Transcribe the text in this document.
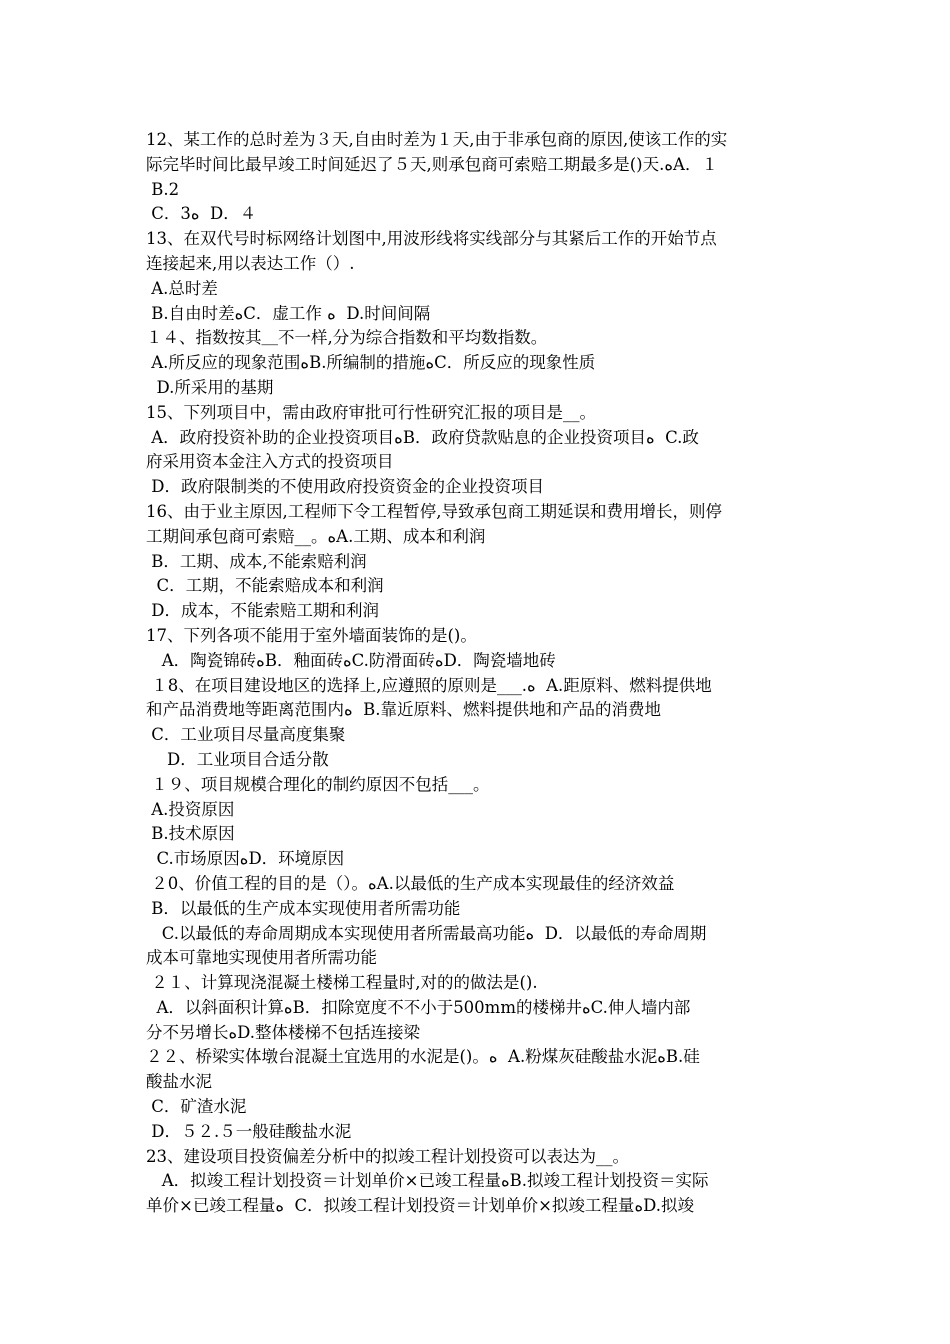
12、某工作的总时差为３天,自由时差为１天,由于非承包商的原因,使该工作的实
际完毕时间比最早竣工时间延迟了５天,则承包商可索赔工期最多是()天.ﻩA．１
B.2
C．3ﻩ D．４
13、在双代号时标网络计划图中,用波形线将实线部分与其紧后工作的开始节点
连接起来,用以表达工作（）.
A.总时差
B.自由时差ﻩC．虚工作 ﻩ D.时间间隔
１４、指数按其＿不一样,分为综合指数和平均数指数。
A.所反应的现象范围ﻩB.所编制的措施ﻩC．所反应的现象性质
D.所采用的基期
15、下列项目中，需由政府审批可行性研究汇报的项目是__。
A．政府投资补助的企业投资项目ﻩB．政府贷款贴息的企业投资项目ﻩ C.政
府采用资本金注入方式的投资项目
D．政府限制类的不使用政府投资资金的企业投资项目
16、由于业主原因,工程师下令工程暂停,导致承包商工期延误和费用增长，则停
工期间承包商可索赔__。ﻩA.工期、成本和利润
B．工期、成本,不能索赔利润
C．工期，不能索赔成本和利润
D．成本，不能索赔工期和利润
17、下列各项不能用于室外墙面装饰的是()。
A．陶瓷锦砖ﻩB．釉面砖ﻩC.防滑面砖ﻩD．陶瓷墙地砖
１8、在项目建设地区的选择上,应遵照的原则是___.ﻩ A.距原料、燃料提供地
和产品消费地等距离范围内ﻩ B.靠近原料、燃料提供地和产品的消费地
C．工业项目尽量高度集聚
D．工业项目合适分散
１９、项目规模合理化的制约原因不包括___。
A.投资原因
B.技术原因
C.市场原因ﻩD．环境原因
２0、价值工程的目的是（）。ﻩA.以最低的生产成本实现最佳的经济效益
B．以最低的生产成本实现使用者所需功能
C.以最低的寿命周期成本实现使用者所需最高功能ﻩ D．以最低的寿命周期
成本可靠地实现使用者所需功能
２１、计算现浇混凝土楼梯工程量时,对的的做法是().
A．以斜面积计算ﻩB．扣除宽度不不小于500mm的楼梯井ﻩC.伸人墙内部
分不另增长ﻩD.整体楼梯不包括连接梁
２２、桥梁实体墩台混凝土宜选用的水泥是()。ﻩ A.粉煤灰硅酸盐水泥ﻩB.硅
酸盐水泥
C．矿渣水泥
D．５２.５一般硅酸盐水泥
23、建设项目投资偏差分析中的拟竣工程计划投资可以表达为__。
A．拟竣工程计划投资＝计划单价×已竣工程量ﻩB.拟竣工程计划投资＝实际
单价×已竣工程量ﻩ C．拟竣工程计划投资＝计划单价×拟竣工程量ﻩD.拟竣
